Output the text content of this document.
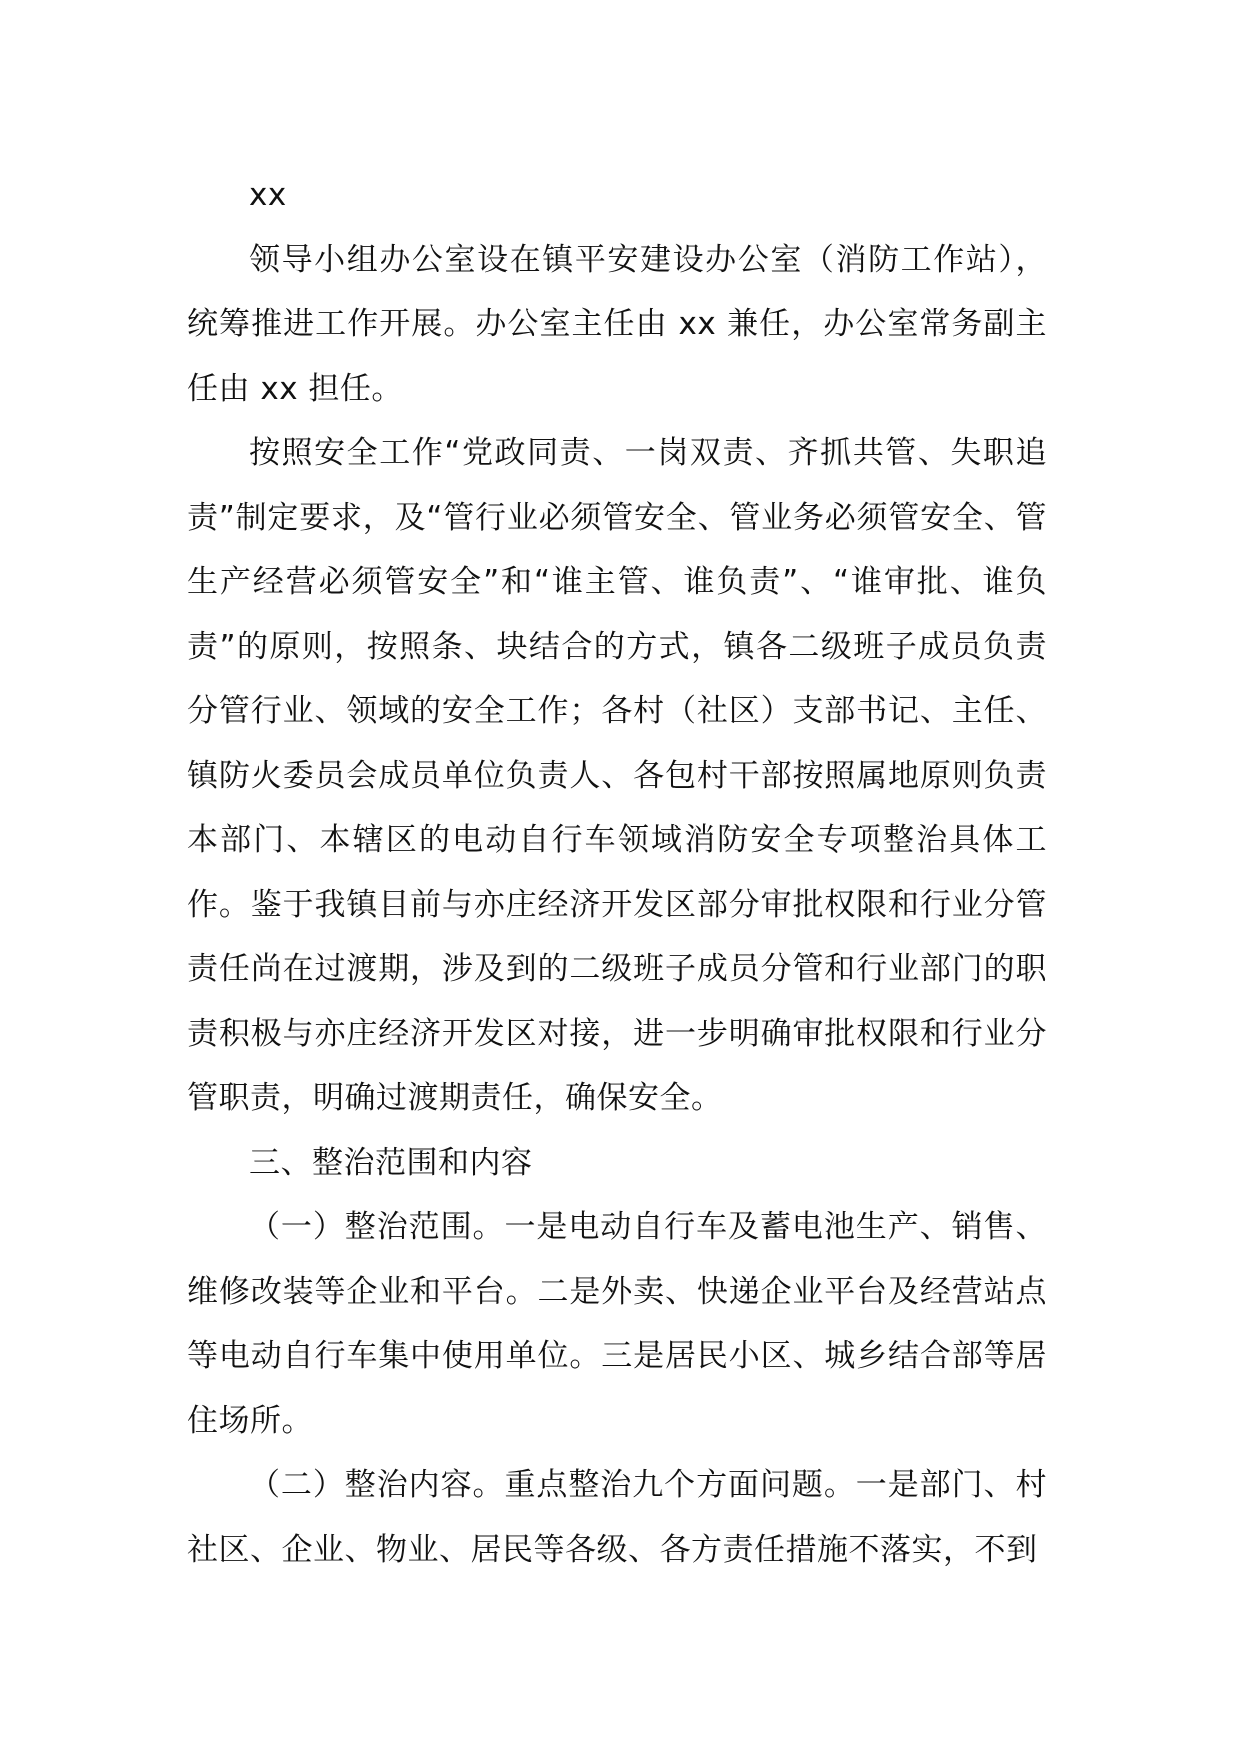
xx

领导小组办公室设在镇平安建设办公室（消防工作站），统筹推进工作开展。办公室主任由 xx 兼任，办公室常务副主任由 xx 担任。

按照安全工作“党政同责、一岗双责、齐抓共管、失职追责”制定要求，及“管行业必须管安全、管业务必须管安全、管生产经营必须管安全”和“谁主管、谁负责”、“谁审批、谁负责”的原则，按照条、块结合的方式，镇各二级班子成员负责分管行业、领域的安全工作；各村（社区）支部书记、主任、镇防火委员会成员单位负责人、各包村干部按照属地原则负责本部门、本辖区的电动自行车领域消防安全专项整治具体工作。鉴于我镇目前与亦庄经济开发区部分审批权限和行业分管责任尚在过渡期，涉及到的二级班子成员分管和行业部门的职责积极与亦庄经济开发区对接，进一步明确审批权限和行业分管职责，明确过渡期责任，确保安全。

三、整治范围和内容

（一）整治范围。一是电动自行车及蓄电池生产、销售、维修改装等企业和平台。二是外卖、快递企业平台及经营站点等电动自行车集中使用单位。三是居民小区、城乡结合部等居住场所。

（二）整治内容。重点整治九个方面问题。一是部门、村社区、企业、物业、居民等各级、各方责任措施不落实，不到
